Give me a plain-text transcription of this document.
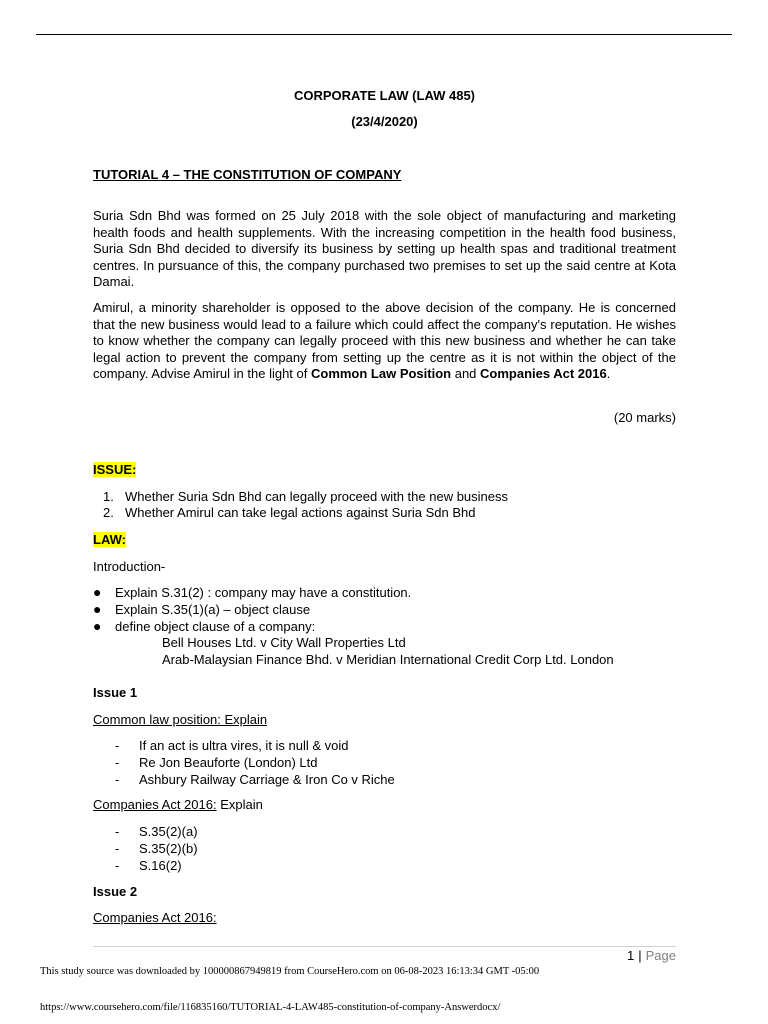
CORPORATE LAW (LAW 485)
(23/4/2020)
TUTORIAL 4 – THE CONSTITUTION OF COMPANY

Suria Sdn Bhd was formed on 25 July 2018 with the sole object of manufacturing and marketing health foods and health supplements. With the increasing competition in the health food business, Suria Sdn Bhd decided to diversify its business by setting up health spas and traditional treatment centres. In pursuance of this, the company purchased two premises to set up the said centre at Kota Damai.

Amirul, a minority shareholder is opposed to the above decision of the company. He is concerned that the new business would lead to a failure which could affect the company's reputation. He wishes to know whether the company can legally proceed with this new business and whether he can take legal action to prevent the company from setting up the centre as it is not within the object of the company. Advise Amirul in the light of Common Law Position and Companies Act 2016.

(20 marks)
ISSUE:
1. Whether Suria Sdn Bhd can legally proceed with the new business
2. Whether Amirul can take legal actions against Suria Sdn Bhd
LAW:
Introduction-
● Explain S.31(2) : company may have a constitution.
● Explain S.35(1)(a) – object clause
● define object clause of a company:
Bell Houses Ltd. v City Wall Properties Ltd
Arab-Malaysian Finance Bhd. v Meridian International Credit Corp Ltd. London
Issue 1
Common law position: Explain
- If an act is ultra vires, it is null & void
- Re Jon Beauforte (London) Ltd
- Ashbury Railway Carriage & Iron Co v Riche
Companies Act 2016: Explain
- S.35(2)(a)
- S.35(2)(b)
- S.16(2)
Issue 2
Companies Act 2016:
1 | Page
This study source was downloaded by 100000867949819 from CourseHero.com on 06-08-2023 16:13:34 GMT -05:00
https://www.coursehero.com/file/116835160/TUTORIAL-4-LAW485-constitution-of-company-Answerdocx/
